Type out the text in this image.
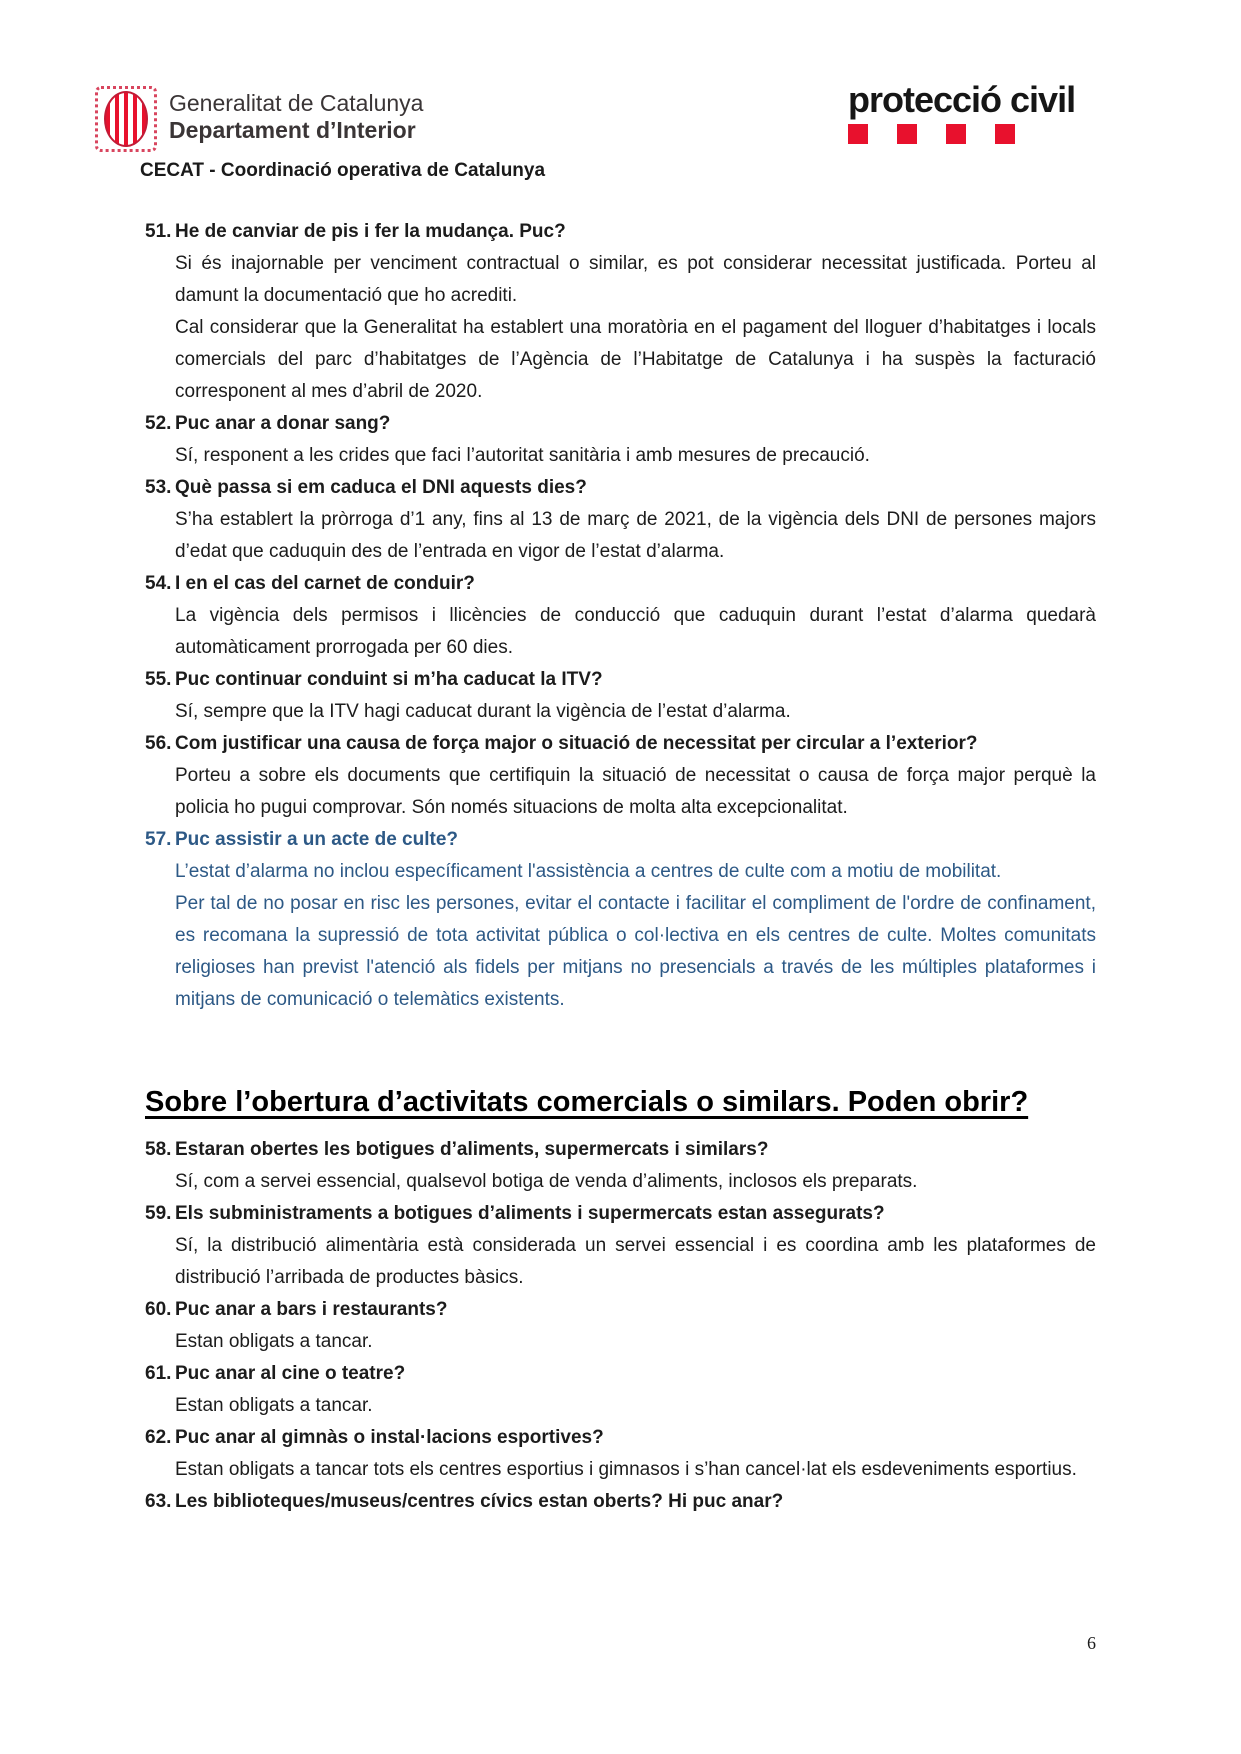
Generalitat de Catalunya
Departament d’Interior
protecció civil
CECAT - Coordinació operativa de Catalunya

51. He de canviar de pis i fer la mudança. Puc?

Si és inajornable per venciment contractual o similar, es pot considerar necessitat justificada. Porteu al damunt la documentació que ho acrediti.

Cal considerar que la Generalitat ha establert una moratòria en el pagament del lloguer d’habitatges i locals comercials del parc d’habitatges de l’Agència de l’Habitatge de Catalunya i ha suspès la facturació corresponent al mes d’abril de 2020.

52. Puc anar a donar sang?

Sí, responent a les crides que faci l’autoritat sanitària i amb mesures de precaució.

53. Què passa si em caduca el DNI aquests dies?

S’ha establert la pròrroga d’1 any, fins al 13 de març de 2021, de la vigència dels DNI de persones majors d’edat que caduquin des de l’entrada en vigor de l’estat d’alarma.

54. I en el cas del carnet de conduir?

La vigència dels permisos i llicències de conducció que caduquin durant l’estat d’alarma quedarà automàticament prorrogada per 60 dies.

55. Puc continuar conduint si m’ha caducat la ITV?

Sí, sempre que la ITV hagi caducat durant la vigència de l’estat d’alarma.

56. Com justificar una causa de força major o situació de necessitat per circular a l’exterior?

Porteu a sobre els documents que certifiquin la situació de necessitat o causa de força major perquè la policia ho pugui comprovar. Són només situacions de molta alta excepcionalitat.

57. Puc assistir a un acte de culte?

L’estat d’alarma no inclou específicament l'assistència a centres de culte com a motiu de mobilitat.

Per tal de no posar en risc les persones, evitar el contacte i facilitar el compliment de l'ordre de confinament, es recomana la supressió de tota activitat pública o col·lectiva en els centres de culte. Moltes comunitats religioses han previst l'atenció als fidels per mitjans no presencials a través de les múltiples plataformes i mitjans de comunicació o telemàtics existents.

Sobre l’obertura d’activitats comercials o similars. Poden obrir?

58. Estaran obertes les botigues d’aliments, supermercats i similars?

Sí, com a servei essencial, qualsevol botiga de venda d’aliments, inclosos els preparats.

59. Els subministraments a botigues d’aliments i supermercats estan assegurats?

Sí, la distribució alimentària està considerada un servei essencial i es coordina amb les plataformes de distribució l’arribada de productes bàsics.

60. Puc anar a bars i restaurants?

Estan obligats a tancar.

61. Puc anar al cine o teatre?

Estan obligats a tancar.

62. Puc anar al gimnàs o instal·lacions esportives?

Estan obligats a tancar tots els centres esportius i gimnasos i s’han cancel·lat els esdeveniments esportius.

63. Les biblioteques/museus/centres cívics estan oberts? Hi puc anar?

6
